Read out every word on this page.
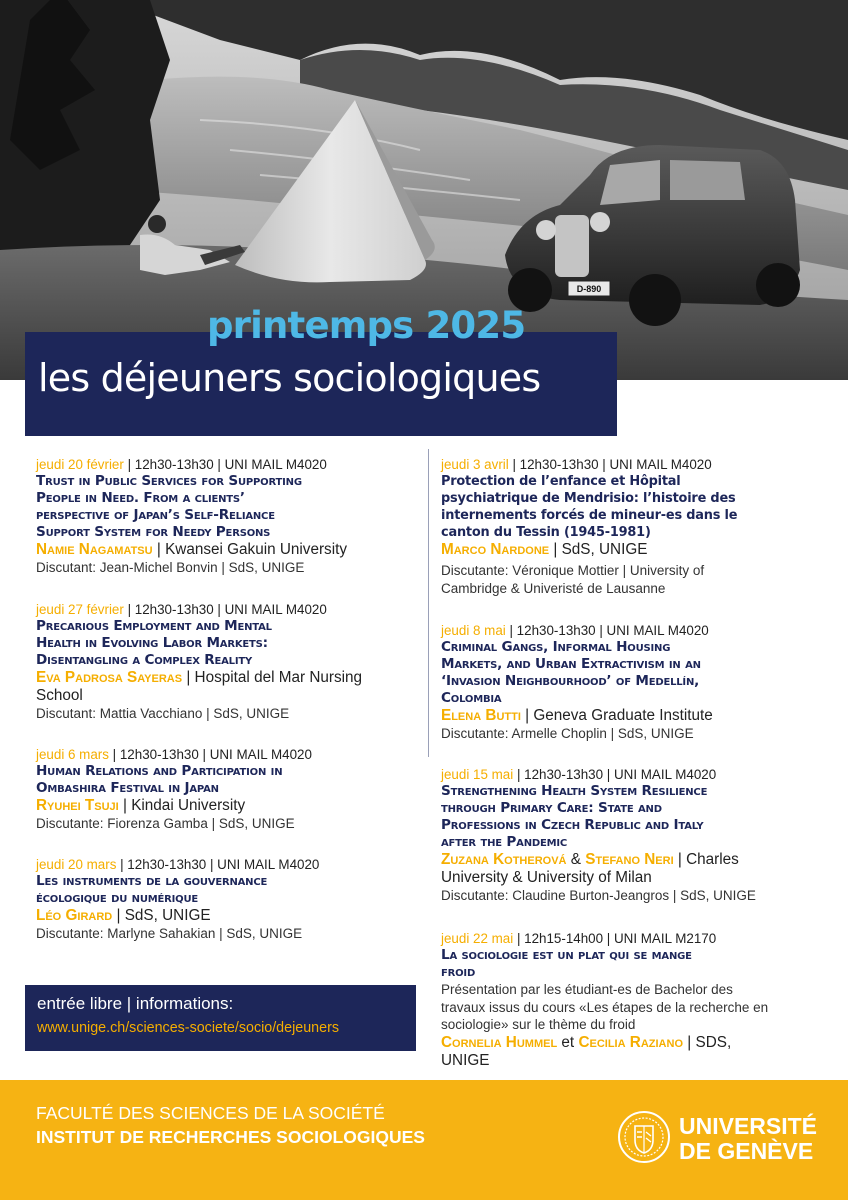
D-890
printemps 2025
les déjeuners sociologiques
jeudi 20 février | 12h30-13h30 | UNI MAIL M4020
Trust in Public Services for Supporting
People in Need. From a clients’
perspective of Japan’s Self-Reliance
Support System for Needy Persons
Namie Nagamatsu | Kwansei Gakuin University
Discutant: Jean-Michel Bonvin | SdS, UNIGE
jeudi 27 février | 12h30-13h30 | UNI MAIL M4020
Precarious Employment and Mental
Health in Evolving Labor Markets:
Disentangling a Complex Reality
Eva Padrosa Sayeras | Hospital del Mar Nursing
School
Discutant: Mattia Vacchiano | SdS, UNIGE
jeudi 6 mars | 12h30-13h30 | UNI MAIL M4020
Human Relations and Participation in
Ombashira Festival in Japan
Ryuhei Tsuji | Kindai University
Discutante: Fiorenza Gamba | SdS, UNIGE
jeudi 20 mars | 12h30-13h30 | UNI MAIL M4020
Les instruments de la gouvernance
écologique du numérique
Léo Girard | SdS, UNIGE
Discutante: Marlyne Sahakian | SdS, UNIGE
jeudi 3 avril | 12h30-13h30 | UNI MAIL M4020
Protection de l’enfance et Hôpital
psychiatrique de Mendrisio: l’histoire des
internements forcés de mineur-es dans le
canton du Tessin (1945-1981)
Marco Nardone | SdS, UNIGE
Discutante: Véronique Mottier | University of
Cambridge & Univeristé de Lausanne
jeudi 8 mai | 12h30-13h30 | UNI MAIL M4020
Criminal Gangs, Informal Housing
Markets, and Urban Extractivism in an
‘Invasion Neighbourhood’ of Medellín,
Colombia
Elena Butti | Geneva Graduate Institute
Discutante: Armelle Choplin | SdS, UNIGE
jeudi 15 mai | 12h30-13h30 | UNI MAIL M4020
Strengthening Health System Resilience
through Primary Care: State and
Professions in Czech Republic and Italy
after the Pandemic
Zuzana Kotherová & Stefano Neri | Charles
University & University of Milan
Discutante: Claudine Burton-Jeangros | SdS, UNIGE
jeudi 22 mai | 12h15-14h00 | UNI MAIL M2170
La sociologie est un plat qui se mange
froid
Présentation par les étudiant-es de Bachelor des
travaux issus du cours «Les étapes de la recherche en
sociologie» sur le thème du froid
Cornelia Hummel et Cecilia Raziano | SDS,
UNIGE
entrée libre | informations:
www.unige.ch/sciences-societe/socio/dejeuners
FACULTÉ DES SCIENCES DE LA SOCIÉTÉ
INSTITUT DE RECHERCHES SOCIOLOGIQUES	UNIVERSITÉ
DE GENÈVE
